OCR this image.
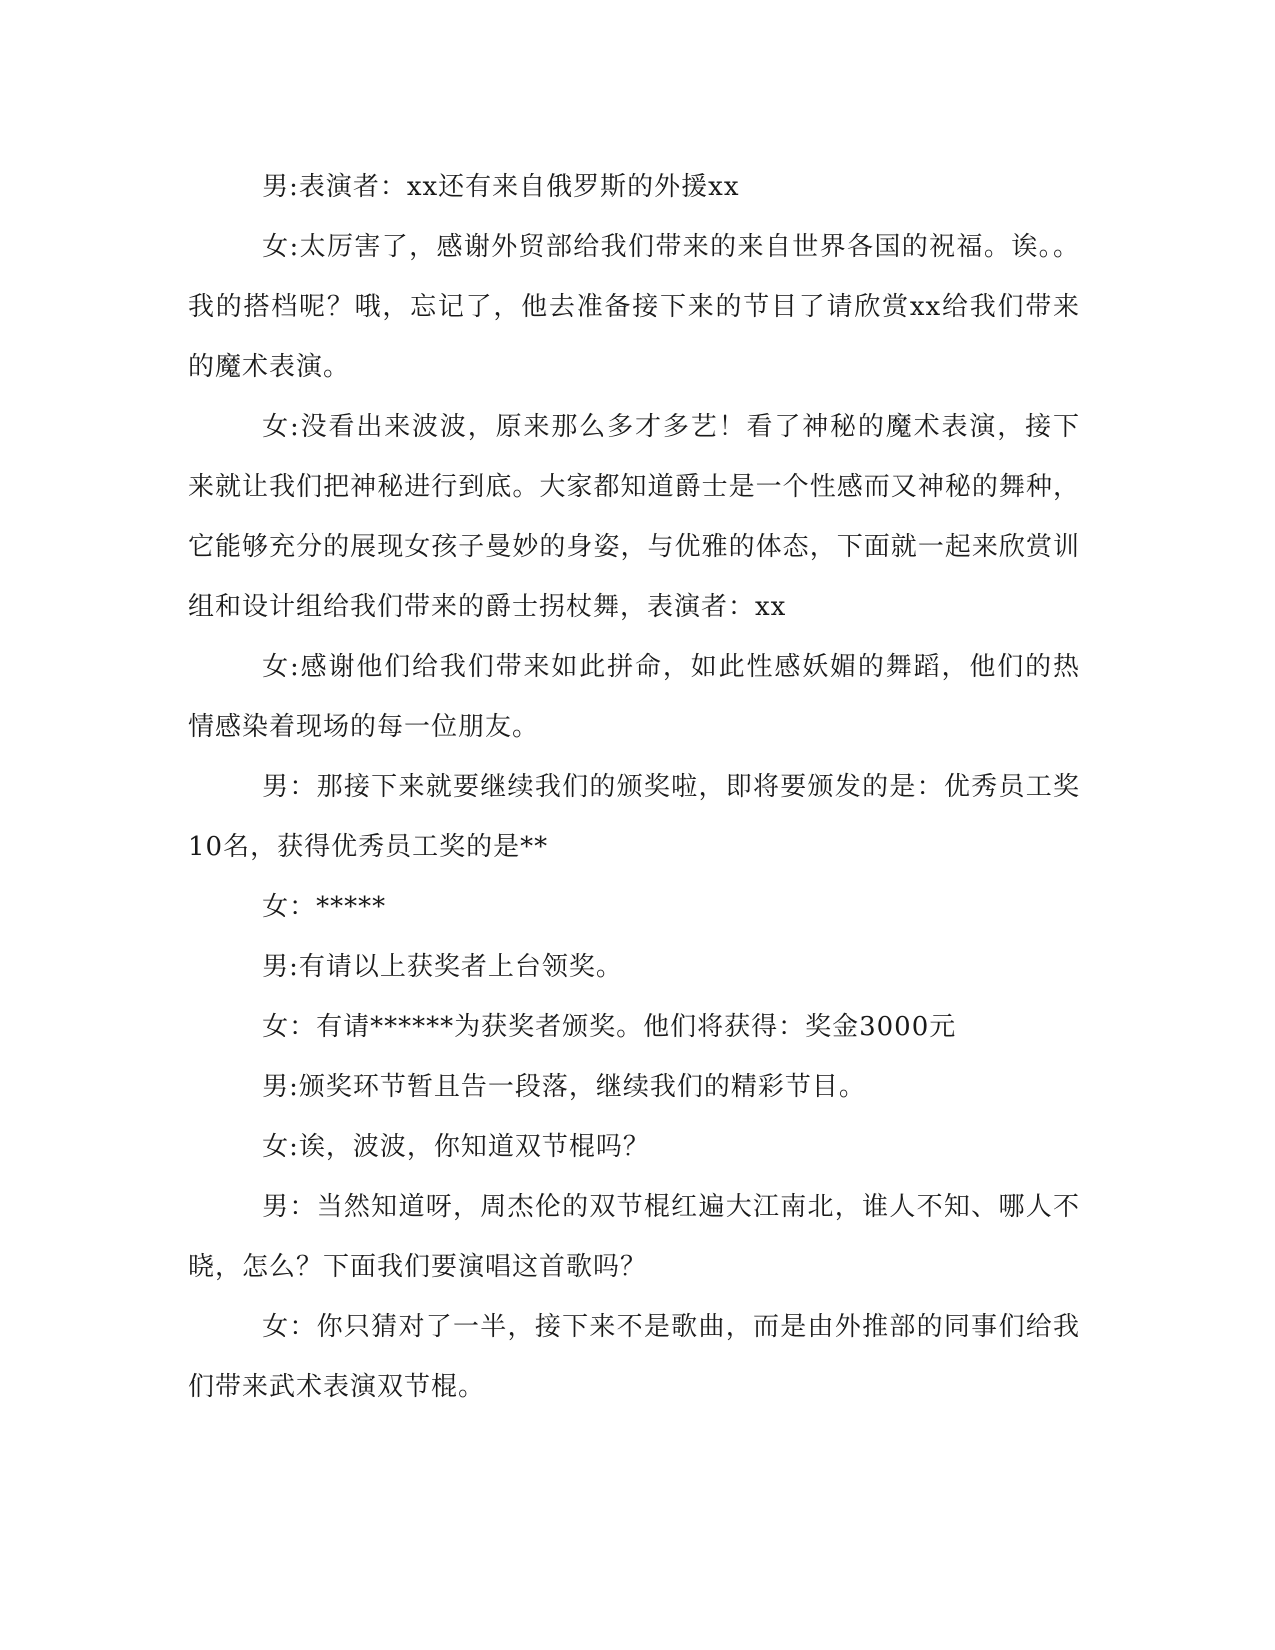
男:表演者：xx还有来自俄罗斯的外援xx

女:太厉害了，感谢外贸部给我们带来的来自世界各国的祝福。诶。。我的搭档呢？哦，忘记了，他去准备接下来的节目了请欣赏xx给我们带来的魔术表演。

女:没看出来波波，原来那么多才多艺！看了神秘的魔术表演，接下来就让我们把神秘进行到底。大家都知道爵士是一个性感而又神秘的舞种，它能够充分的展现女孩子曼妙的身姿，与优雅的体态，下面就一起来欣赏训组和设计组给我们带来的爵士拐杖舞，表演者：xx

女:感谢他们给我们带来如此拼命，如此性感妖媚的舞蹈，他们的热情感染着现场的每一位朋友。

男：那接下来就要继续我们的颁奖啦，即将要颁发的是：优秀员工奖10名，获得优秀员工奖的是**

女：*****

男:有请以上获奖者上台领奖。

女：有请******为获奖者颁奖。他们将获得：奖金3000元

男:颁奖环节暂且告一段落，继续我们的精彩节目。

女:诶，波波，你知道双节棍吗？

男：当然知道呀，周杰伦的双节棍红遍大江南北，谁人不知、哪人不晓，怎么？下面我们要演唱这首歌吗？

女：你只猜对了一半，接下来不是歌曲，而是由外推部的同事们给我们带来武术表演双节棍。
